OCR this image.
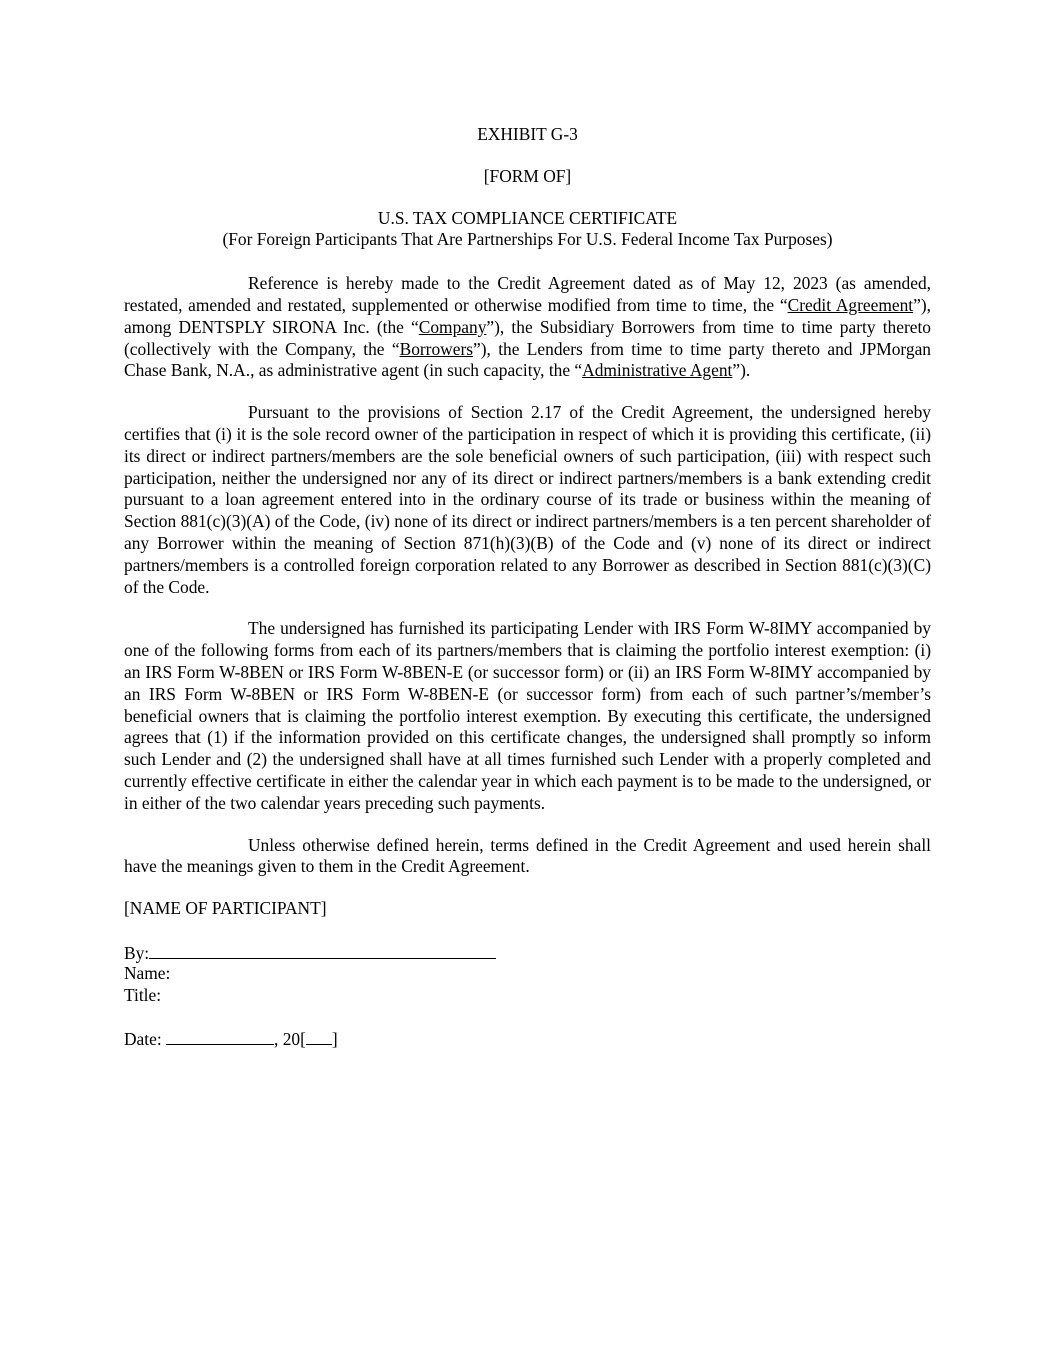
EXHIBIT G-3
[FORM OF]
U.S. TAX COMPLIANCE CERTIFICATE
(For Foreign Participants That Are Partnerships For U.S. Federal Income Tax Purposes)

Reference is hereby made to the Credit Agreement dated as of May 12, 2023 (as amended, restated, amended and restated, supplemented or otherwise modified from time to time, the “Credit Agreement”), among DENTSPLY SIRONA Inc. (the “Company”), the Subsidiary Borrowers from time to time party thereto (collectively with the Company, the “Borrowers”), the Lenders from time to time party thereto and JPMorgan Chase Bank, N.A., as administrative agent (in such capacity, the “Administrative Agent”).

Pursuant to the provisions of Section 2.17 of the Credit Agreement, the undersigned hereby certifies that (i) it is the sole record owner of the participation in respect of which it is providing this certificate, (ii) its direct or indirect partners/members are the sole beneficial owners of such participation, (iii) with respect such participation, neither the undersigned nor any of its direct or indirect partners/members is a bank extending credit pursuant to a loan agreement entered into in the ordinary course of its trade or business within the meaning of Section 881(c)(3)(A) of the Code, (iv) none of its direct or indirect partners/members is a ten percent shareholder of any Borrower within the meaning of Section 871(h)(3)(B) of the Code and (v) none of its direct or indirect partners/members is a controlled foreign corporation related to any Borrower as described in Section 881(c)(3)(C) of the Code.

The undersigned has furnished its participating Lender with IRS Form W-8IMY accompanied by one of the following forms from each of its partners/members that is claiming the portfolio interest exemption: (i) an IRS Form W-8BEN or IRS Form W-8BEN-E (or successor form) or (ii) an IRS Form W-8IMY accompanied by an IRS Form W-8BEN or IRS Form W-8BEN-E (or successor form) from each of such partner’s/member’s beneficial owners that is claiming the portfolio interest exemption. By executing this certificate, the undersigned agrees that (1) if the information provided on this certificate changes, the undersigned shall promptly so inform such Lender and (2) the undersigned shall have at all times furnished such Lender with a properly completed and currently effective certificate in either the calendar year in which each payment is to be made to the undersigned, or in either of the two calendar years preceding such payments.

Unless otherwise defined herein, terms defined in the Credit Agreement and used herein shall have the meanings given to them in the Credit Agreement.

[NAME OF PARTICIPANT]
By:
Name:
Title:
Date:	, 20[ ]
